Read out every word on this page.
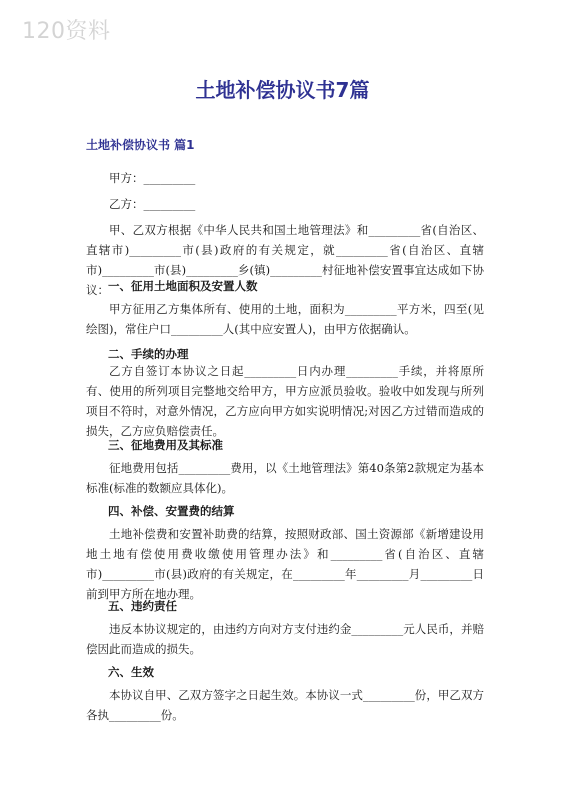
120资料
土地补偿协议书7篇
土地补偿协议书 篇1
甲方：_________
乙方：_________

甲、乙双方根据《中华人民共和国土地管理法》和_________省(自治区、直辖市)_________市(县)政府的有关规定，就_________省(自治区、直辖市)_________市(县)_________乡(镇)_________村征地补偿安置事宜达成如下协议： 一、征用土地面积及安置人数

甲方征用乙方集体所有、使用的土地，面积为_________平方米，四至(见绘图)，常住户口_________人(其中应安置人)，由甲方依据确认。

二、手续的办理

乙方自签订本协议之日起_________日内办理_________手续，并将原所有、使用的所列项目完整地交给甲方，甲方应派员验收。验收中如发现与所列项目不符时，对意外情况，乙方应向甲方如实说明情况;对因乙方过错而造成的损失，乙方应负赔偿责任。

三、征地费用及其标准

征地费用包括_________费用，以《土地管理法》第40条第2款规定为基本标准(标准的数额应具体化)。

四、补偿、安置费的结算

土地补偿费和安置补助费的结算，按照财政部、国土资源部《新增建设用地土地有偿使用费收缴使用管理办法》和_________省(自治区、直辖市)_________市(县)政府的有关规定，在_________年_________月_________日前到甲方所在地办理。

五、违约责任

违反本协议规定的，由违约方向对方支付违约金_________元人民币，并赔偿因此而造成的损失。

六、生效

本协议自甲、乙双方签字之日起生效。本协议一式_________份，甲乙双方各执_________份。
